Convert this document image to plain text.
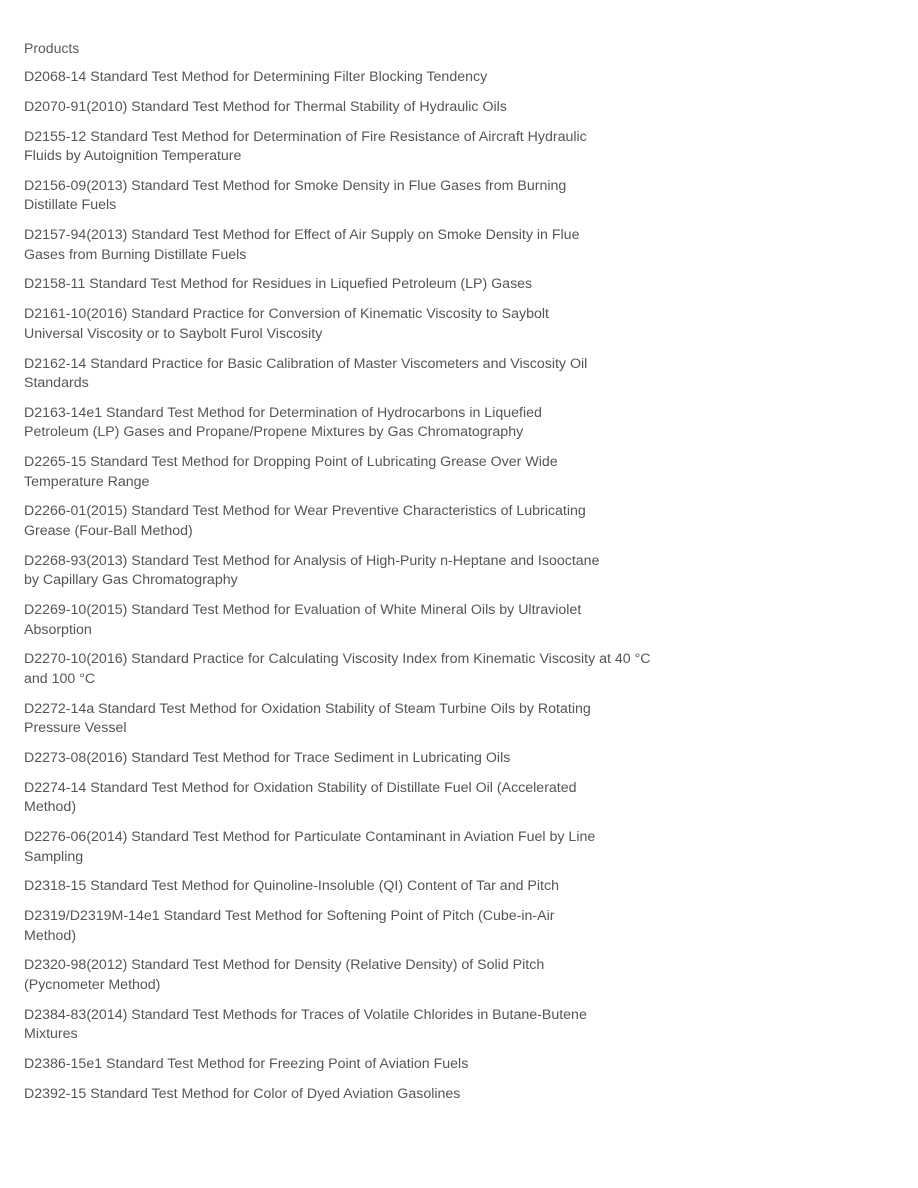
Products
D2068-14 Standard Test Method for Determining Filter Blocking Tendency
D2070-91(2010) Standard Test Method for Thermal Stability of Hydraulic Oils
D2155-12 Standard Test Method for Determination of Fire Resistance of Aircraft Hydraulic
Fluids by Autoignition Temperature
D2156-09(2013) Standard Test Method for Smoke Density in Flue Gases from Burning
Distillate Fuels
D2157-94(2013) Standard Test Method for Effect of Air Supply on Smoke Density in Flue
Gases from Burning Distillate Fuels
D2158-11 Standard Test Method for Residues in Liquefied Petroleum (LP) Gases
D2161-10(2016) Standard Practice for Conversion of Kinematic Viscosity to Saybolt
Universal Viscosity or to Saybolt Furol Viscosity
D2162-14 Standard Practice for Basic Calibration of Master Viscometers and Viscosity Oil
Standards
D2163-14e1 Standard Test Method for Determination of Hydrocarbons in Liquefied
Petroleum (LP) Gases and Propane/Propene Mixtures by Gas Chromatography
D2265-15 Standard Test Method for Dropping Point of Lubricating Grease Over Wide
Temperature Range
D2266-01(2015) Standard Test Method for Wear Preventive Characteristics of Lubricating
Grease (Four-Ball Method)
D2268-93(2013) Standard Test Method for Analysis of High-Purity n-Heptane and Isooctane
by Capillary Gas Chromatography
D2269-10(2015) Standard Test Method for Evaluation of White Mineral Oils by Ultraviolet
Absorption
D2270-10(2016) Standard Practice for Calculating Viscosity Index from Kinematic Viscosity at 40 °C
and 100 °C
D2272-14a Standard Test Method for Oxidation Stability of Steam Turbine Oils by Rotating
Pressure Vessel
D2273-08(2016) Standard Test Method for Trace Sediment in Lubricating Oils
D2274-14 Standard Test Method for Oxidation Stability of Distillate Fuel Oil (Accelerated
Method)
D2276-06(2014) Standard Test Method for Particulate Contaminant in Aviation Fuel by Line
Sampling
D2318-15 Standard Test Method for Quinoline-Insoluble (QI) Content of Tar and Pitch
D2319/D2319M-14e1 Standard Test Method for Softening Point of Pitch (Cube-in-Air
Method)
D2320-98(2012) Standard Test Method for Density (Relative Density) of Solid Pitch
(Pycnometer Method)
D2384-83(2014) Standard Test Methods for Traces of Volatile Chlorides in Butane-Butene
Mixtures
D2386-15e1 Standard Test Method for Freezing Point of Aviation Fuels
D2392-15 Standard Test Method for Color of Dyed Aviation Gasolines
